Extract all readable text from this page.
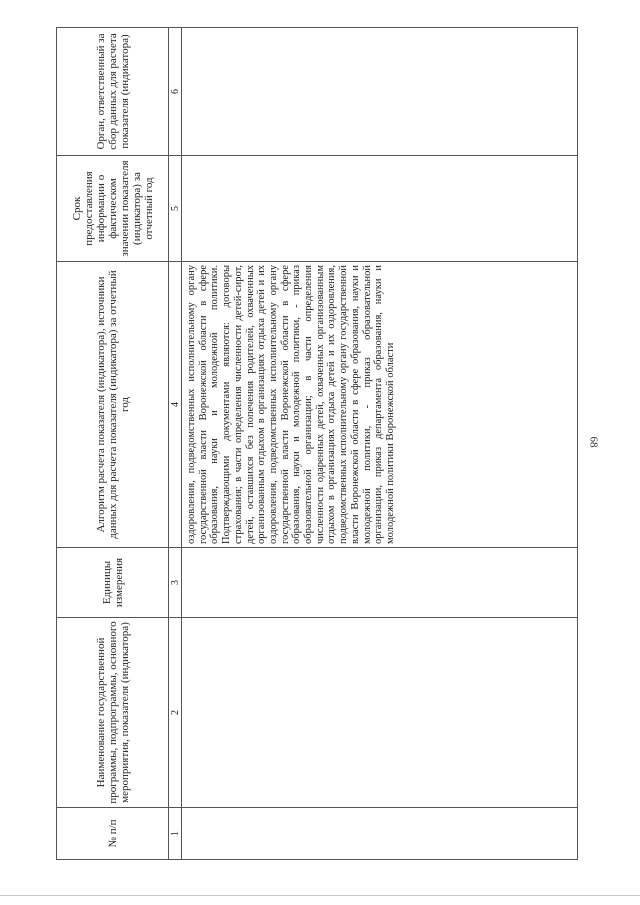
68
№ п/п	Наименование государственной программы, подпрограммы, основного мероприятия, показателя (индикатора)	Единицы измерения	Алгоритм расчета показателя (индикатора), источники данных для расчета показателя (индикатора) за отчетный год	Срок предоставления информации о фактическом значении показателя (индикатора) за отчетный год	Орган, ответственный за сбор данных для расчета показателя (индикатора)
1	2	3	4	5	6

			оздоровления, подведомственных исполнительному органу государственной власти Воронежской области в сфере образования, науки и молодежной политики. Подтверждающими документами являются: договоры страхования; в части определения численности детей-сирот, детей, оставшихся без попечения родителей, охваченных организованным отдыхом в организациях отдыха детей и их оздоровления, подведомственных исполнительному органу государственной власти Воронежской области в сфере образования, науки и молодежной политики, - приказ образовательной организации; в части определения численности одаренных детей, охваченных организованным отдыхом в организациях отдыха детей и их оздоровления, подведомственных исполнительному органу государственной власти Воронежской области в сфере образования, науки и молодежной политики, - приказ образовательной организации, приказ департамента образования, науки и молодежной политики Воронежской области		
